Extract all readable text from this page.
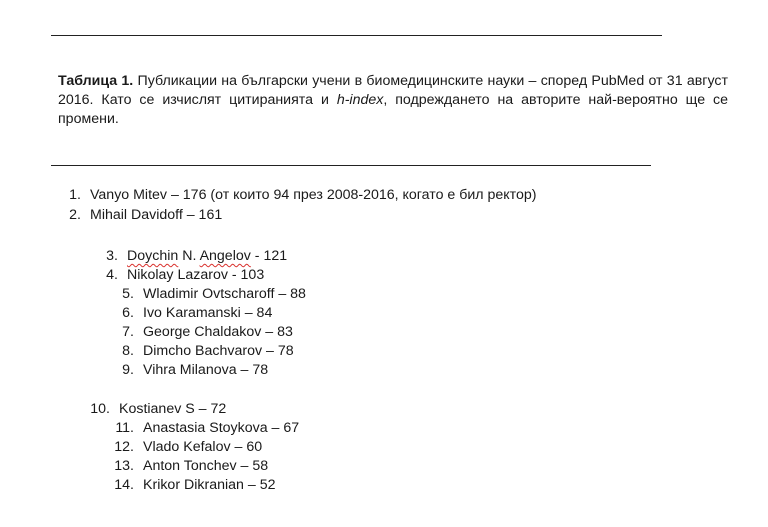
Таблица 1. Публикации на български учени в биомедицинските науки – според PubMed от 31 август 2016. Като се изчислят цитиранията и h-index, подреждането на авторите най-вероятно ще се промени.

1. Vanyo Mitev – 176 (от които 94 през 2008-2016, когато е бил ректор)
2. Mihail Davidoff – 161
3. Doychin N. Angelov - 121
4. Nikolay Lazarov - 103
5. Wladimir Ovtscharoff – 88
6. Ivo Karamanski – 84
7. George Chaldakov – 83
8. Dimcho Bachvarov – 78
9. Vihra Milanova – 78
10. Kostianev S – 72
11. Anastasia Stoykova – 67
12. Vlado Kefalov – 60
13. Anton Tonchev – 58
14. Krikor Dikranian – 52
